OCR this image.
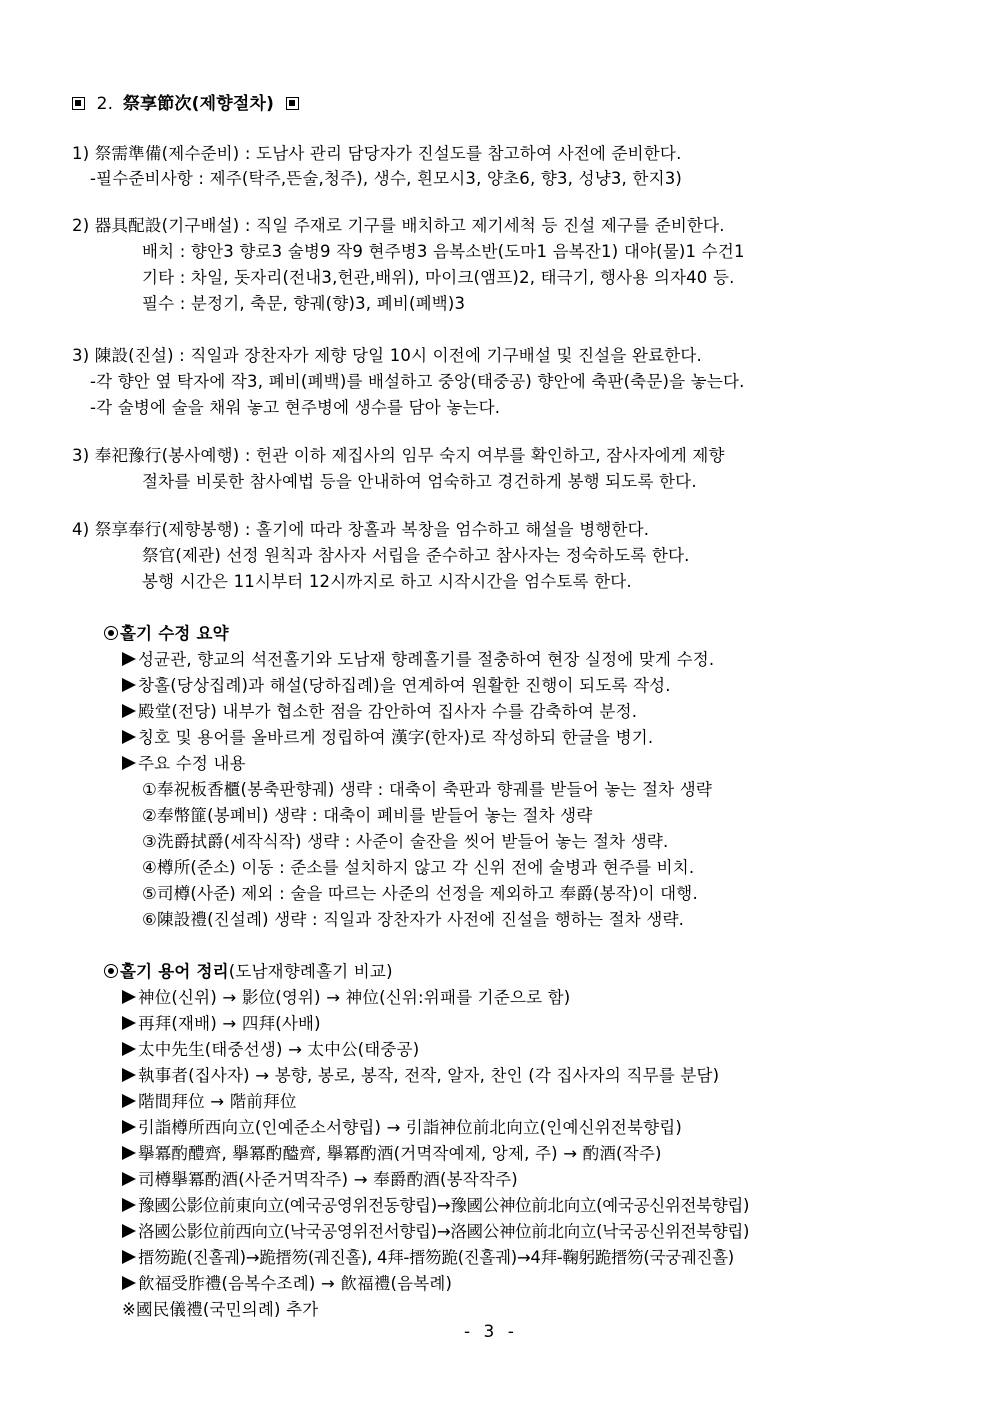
2. 祭享節次(제향절차)
1) 祭需準備(제수준비) : 도남사 관리 담당자가 진설도를 참고하여 사전에 준비한다.
-필수준비사항 : 제주(탁주,뜬술,청주), 생수, 흰모시3, 양초6, 향3, 성냥3, 한지3)
2) 器具配設(기구배설) : 직일 주재로 기구를 배치하고 제기세척 등 진설 제구를 준비한다.
배치 : 향안3 향로3 술병9 작9 현주병3 음복소반(도마1 음복잔1) 대야(물)1 수건1
기타 : 차일, 돗자리(전내3,헌관,배위), 마이크(앰프)2, 태극기, 행사용 의자40 등.
필수 : 분정기, 축문, 향궤(향)3, 폐비(폐백)3
3) 陳設(진설) : 직일과 장찬자가 제향 당일 10시 이전에 기구배설 및 진설을 완료한다.
-각 향안 옆 탁자에 작3, 폐비(폐백)를 배설하고 중앙(태중공) 향안에 축판(축문)을 놓는다.
-각 술병에 술을 채워 놓고 현주병에 생수를 담아 놓는다.
3) 奉祀豫行(봉사예행) : 헌관 이하 제집사의 임무 숙지 여부를 확인하고, 잠사자에게 제향
절차를 비롯한 참사예법 등을 안내하여 엄숙하고 경건하게 봉행 되도록 한다.
4) 祭享奉行(제향봉행) : 홀기에 따라 창홀과 복창을 엄수하고 해설을 병행한다.
祭官(제관) 선정 원칙과 참사자 서립을 준수하고 참사자는 정숙하도록 한다.
봉행 시간은 11시부터 12시까지로 하고 시작시간을 엄수토록 한다.
홀기 수정 요약
성균관, 향교의 석전홀기와 도남재 향례홀기를 절충하여 현장 실정에 맞게 수정.
창홀(당상집례)과 해설(당하집례)을 연계하여 원활한 진행이 되도록 작성.
殿堂(전당) 내부가 협소한 점을 감안하여 집사자 수를 감축하여 분정.
칭호 및 용어를 올바르게 정립하여 漢字(한자)로 작성하되 한글을 병기.
주요 수정 내용
①奉祝板香櫃(봉축판향궤) 생략 : 대축이 축판과 향궤를 받들어 놓는 절차 생략
②奉幣篚(봉폐비) 생략 : 대축이 폐비를 받들어 놓는 절차 생략
③洗爵拭爵(세작식작) 생략 : 사준이 술잔을 씻어 받들어 놓는 절차 생략.
④樽所(준소) 이동 : 준소를 설치하지 않고 각 신위 전에 술병과 현주를 비치.
⑤司樽(사준) 제외 : 술을 따르는 사준의 선정을 제외하고 奉爵(봉작)이 대행.
⑥陳設禮(진설례) 생략 : 직일과 장찬자가 사전에 진설을 행하는 절차 생략.
홀기 용어 정리(도남재향례홀기 비교)
神位(신위) → 影位(영위) → 神位(신위:위패를 기준으로 함)
再拜(재배) → 四拜(사배)
太中先生(태중선생) → 太中公(태중공)
執事者(집사자) → 봉향, 봉로, 봉작, 전작, 알자, 찬인 (각 집사자의 직무를 분담)
階間拜位 → 階前拜位
引詣樽所西向立(인예준소서향립) → 引詣神位前北向立(인예신위전북향립)
擧冪酌醴齊, 擧冪酌醠齊, 擧冪酌酒(거멱작예제, 앙제, 주) → 酌酒(작주)
司樽擧冪酌酒(사준거멱작주) → 奉爵酌酒(봉작작주)
豫國公影位前東向立(예국공영위전동향립)→豫國公神位前北向立(예국공신위전북향립)
洛國公影位前西向立(낙국공영위전서향립)→洛國公神位前北向立(낙국공신위전북향립)
搢笏跪(진홀궤)→跪搢笏(궤진홀), 4拜-搢笏跪(진홀궤)→4拜-鞠躬跪搢笏(국궁궤진홀)
飮福受胙禮(음복수조례) → 飮福禮(음복례)
※國民儀禮(국민의례) 추가
- 3 -
